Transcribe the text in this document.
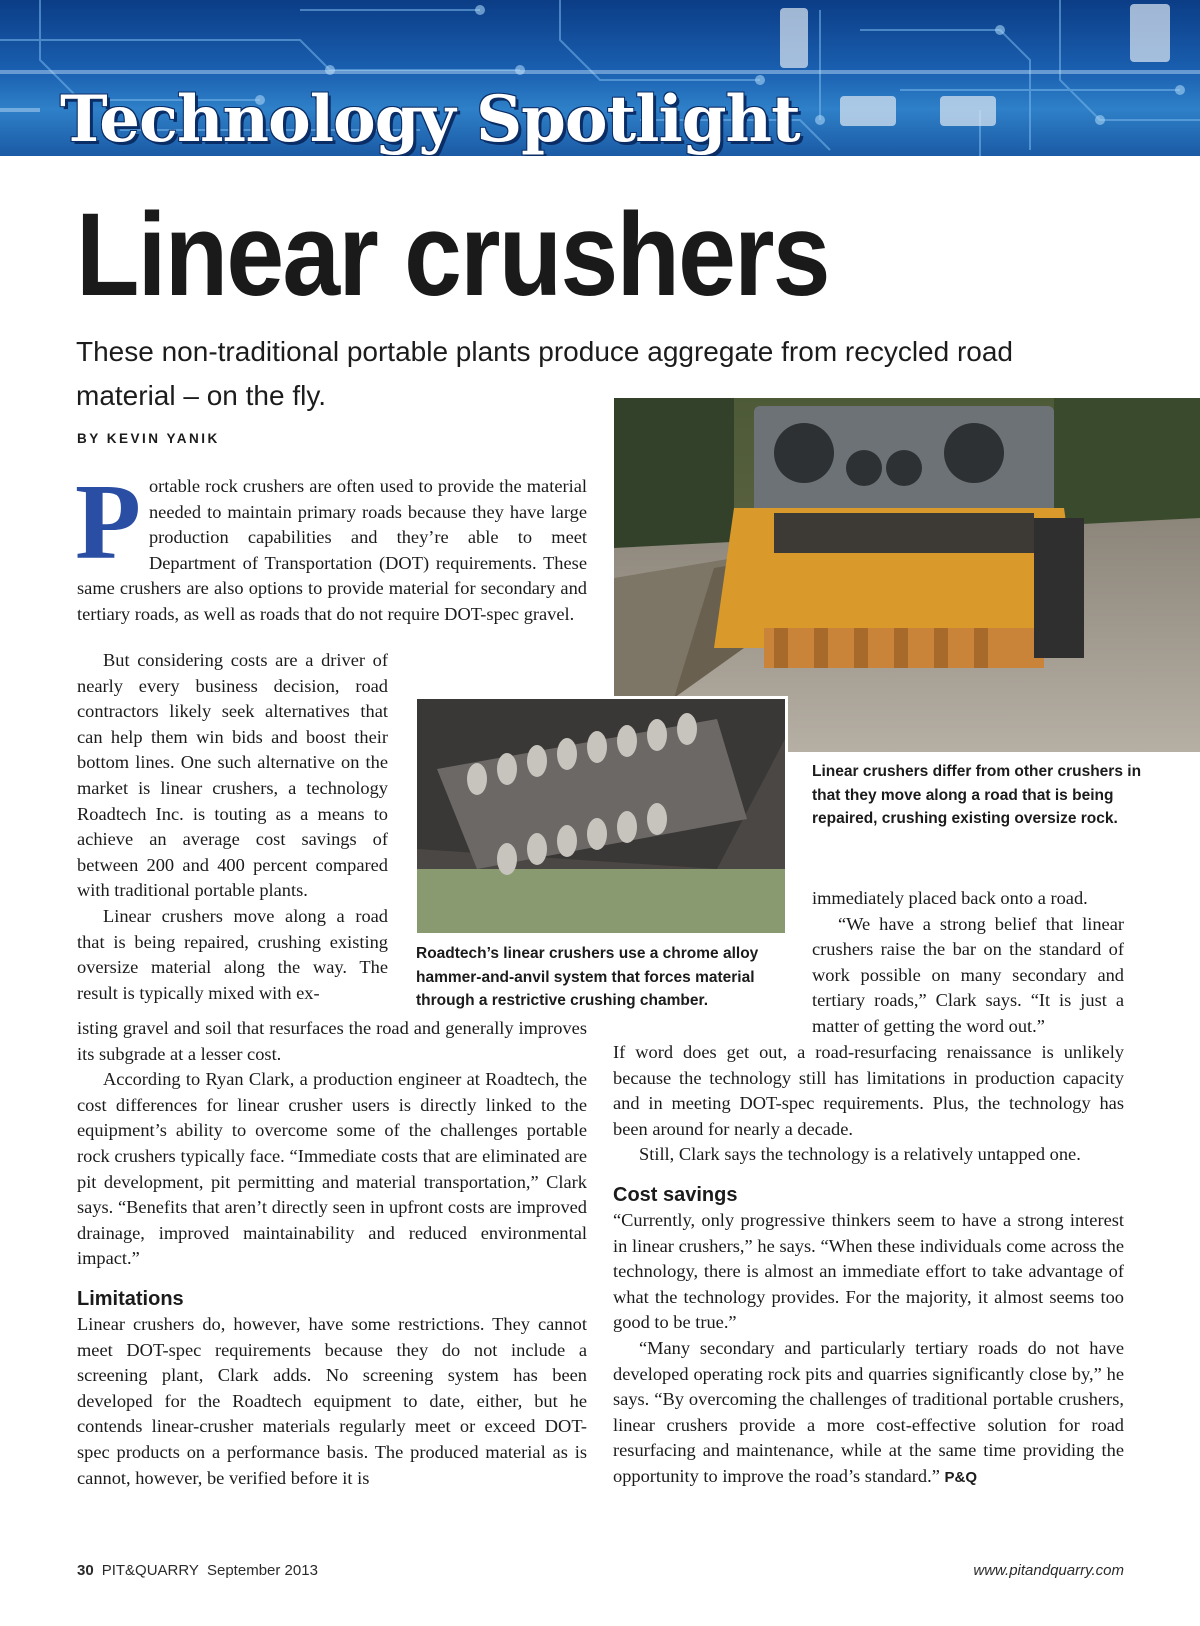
Technology Spotlight
Linear crushers

These non-traditional portable plants produce aggregate from recycled road material – on the fly.

BY KEVIN YANIK

Portable rock crushers are often used to provide the material needed to maintain primary roads because they have large production capabilities and they’re able to meet Department of Transportation (DOT) requirements. These same crushers are also options to provide material for secondary and tertiary roads, as well as roads that do not require DOT-spec gravel.

But considering costs are a driver of nearly every business decision, road contractors likely seek alternatives that can help them win bids and boost their bottom lines. One such alternative on the market is linear crushers, a technology Roadtech Inc. is touting as a means to achieve an average cost savings of between 200 and 400 percent compared with traditional portable plants.

Linear crushers move along a road that is being repaired, crushing existing oversize material along the way. The result is typically mixed with ex-

isting gravel and soil that resurfaces the road and generally improves its subgrade at a lesser cost.

According to Ryan Clark, a production engineer at Roadtech, the cost differences for linear crusher users is directly linked to the equipment’s ability to overcome some of the challenges portable rock crushers typically face. “Immediate costs that are eliminated are pit development, pit permitting and material transportation,” Clark says. “Benefits that aren’t directly seen in upfront costs are improved drainage, improved maintainability and reduced environmental impact.”

Limitations

Linear crushers do, however, have some restrictions. They cannot meet DOT-spec requirements because they do not include a screening plant, Clark adds. No screening system has been developed for the Roadtech equipment to date, either, but he contends linear-crusher materials regularly meet or exceed DOT-spec products on a performance basis. The produced material as is cannot, however, be verified before it is

immediately placed back onto a road.

“We have a strong belief that linear crushers raise the bar on the standard of work possible on many secondary and tertiary roads,” Clark says. “It is just a matter of getting the word out.”

If word does get out, a road-resurfacing renaissance is unlikely because the technology still has limitations in production capacity and in meeting DOT-spec requirements. Plus, the technology has been around for nearly a decade.

Still, Clark says the technology is a relatively untapped one.

Cost savings

“Currently, only progressive thinkers seem to have a strong interest in linear crushers,” he says. “When these individuals come across the technology, there is almost an immediate effort to take advantage of what the technology provides. For the majority, it almost seems too good to be true.”

“Many secondary and particularly tertiary roads do not have developed operating rock pits and quarries significantly close by,” he says. “By overcoming the challenges of traditional portable crushers, linear crushers provide a more cost-effective solution for road resurfacing and maintenance, while at the same time providing the opportunity to improve the road’s standard.” P&Q

Linear crushers differ from other crushers in that they move along a road that is being repaired, crushing existing oversize rock.

Roadtech’s linear crushers use a chrome alloy hammer-and-anvil system that forces material through a restrictive crushing chamber.

30 PIT&QUARRY  September 2013	www.pitandquarry.com
